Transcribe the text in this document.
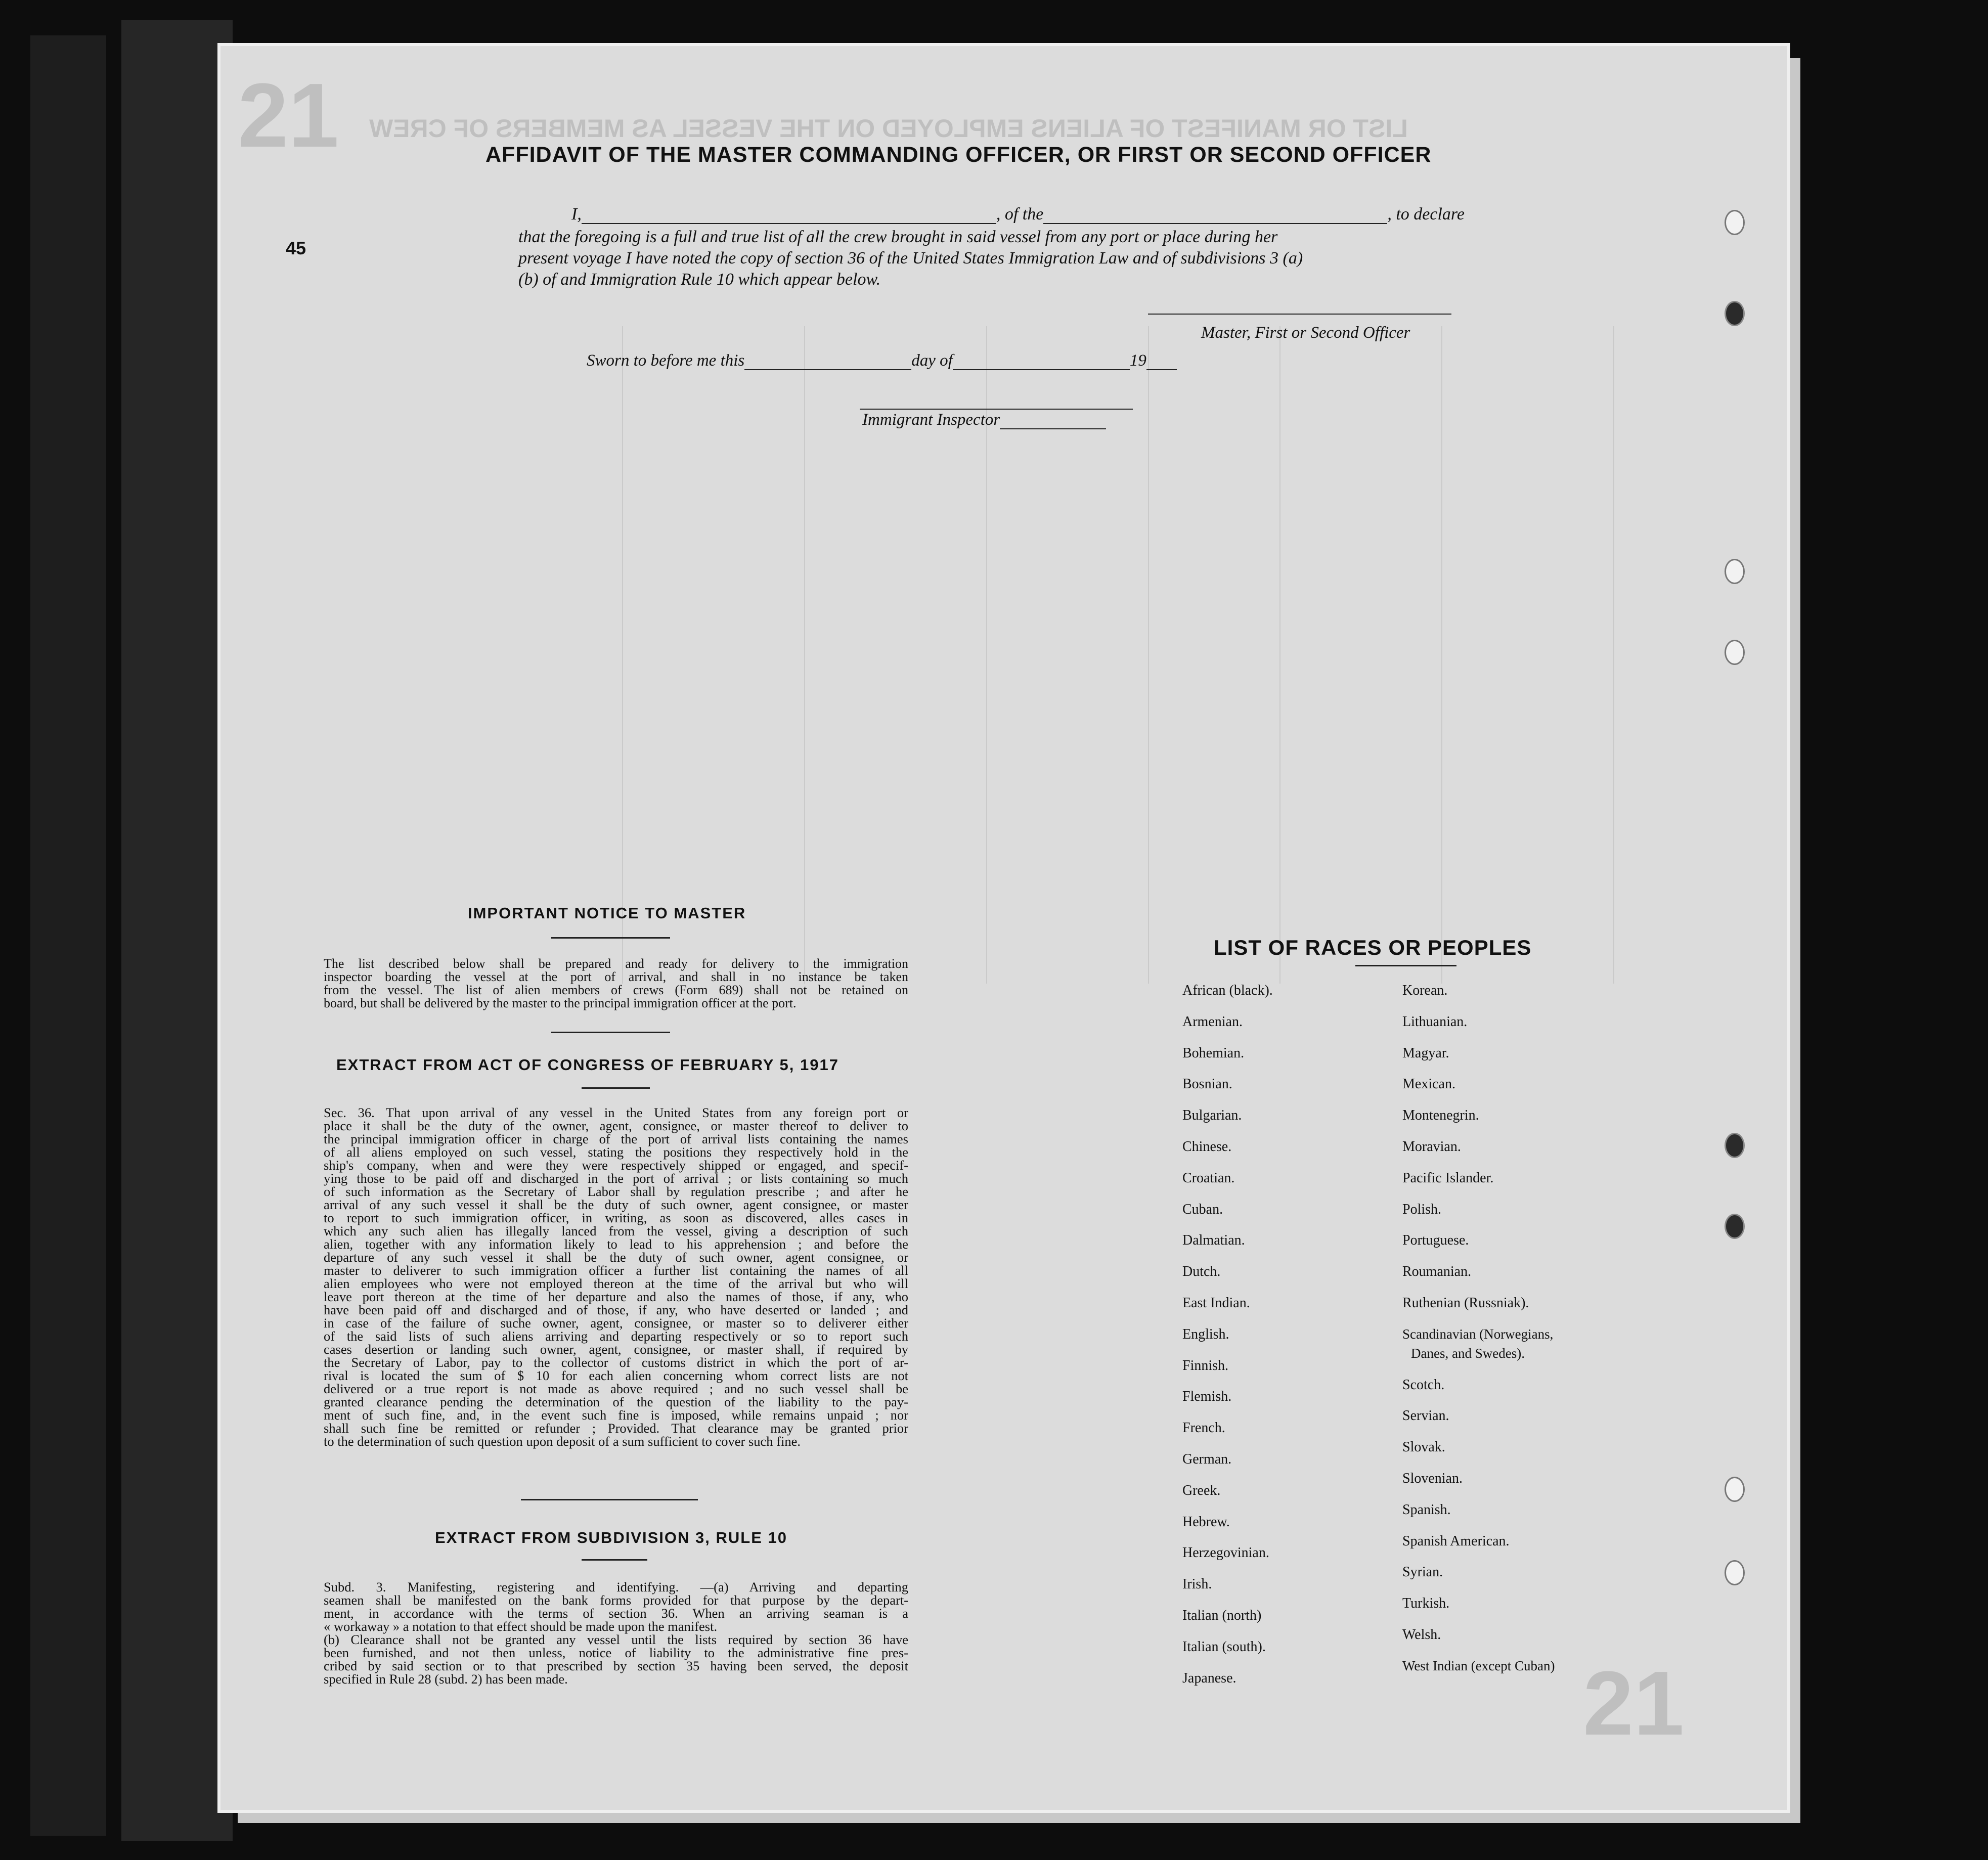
21
21
LIST OR MANIFEST OF ALIENS EMPLOYED ON THE VESSEL AS MEMBERS OF CREW
45
AFFIDAVIT OF THE MASTER COMMANDING OFFICER, OR FIRST OR SECOND OFFICER
I,	, of the	, to declare
that the foregoing is a full and true list of all the crew brought in said vessel from any port or place during her
present voyage I have noted the copy of section 36 of the United States Immigration Law and of subdivisions 3 (a)
(b) of and Immigration Rule 10 which appear below.
Master, First or Second Officer
Sworn to before me this	day of	19
Immigrant Inspector
IMPORTANT NOTICE TO MASTER
The list described below shall be prepared and ready for delivery to the immigration
inspector boarding the vessel at the port of arrival, and shall in no instance be taken
from the vessel. The list of alien members of crews (Form 689) shall not be retained on
board, but shall be delivered by the master to the principal immigration officer at the port.
EXTRACT FROM ACT OF CONGRESS OF FEBRUARY 5, 1917
Sec. 36. That upon arrival of any vessel in the United States from any foreign port or
place it shall be the duty of the owner, agent, consignee, or master thereof to deliver to
the principal immigration officer in charge of the port of arrival lists containing the names
of all aliens employed on such vessel, stating the positions they respectively hold in the
ship's company, when and were they were respectively shipped or engaged, and specif-
ying those to be paid off and discharged in the port of arrival ; or lists containing so much
of such information as the Secretary of Labor shall by regulation prescribe ; and after he
arrival of any such vessel it shall be the duty of such owner, agent consignee, or master
to report to such immigration officer, in writing, as soon as discovered, alles cases in
which any such alien has illegally lanced from the vessel, giving a description of such
alien, together with any information likely to lead to his apprehension ; and before the
departure of any such vessel it shall be the duty of such owner, agent consignee, or
master to deliverer to such immigration officer a further list containing the names of all
alien employees who were not employed thereon at the time of the arrival but who will
leave port thereon at the time of her departure and also the names of those, if any, who
have been paid off and discharged and of those, if any, who have deserted or landed ; and
in case of the failure of suche owner, agent, consignee, or master so to deliverer either
of the said lists of such aliens arriving and departing respectively or so to report such
cases desertion or landing such owner, agent, consignee, or master shall, if required by
the Secretary of Labor, pay to the collector of customs district in which the port of ar-
rival is located the sum of $ 10 for each alien concerning whom correct lists are not
delivered or a true report is not made as above required ; and no such vessel shall be
granted clearance pending the determination of the question of the liability to the pay-
ment of such fine, and, in the event such fine is imposed, while remains unpaid ; nor
shall such fine be remitted or refunder ; Provided. That clearance may be granted prior
to the determination of such question upon deposit of a sum sufficient to cover such fine.
EXTRACT FROM SUBDIVISION 3, RULE 10
Subd. 3. Manifesting, registering and identifying. —(a) Arriving and departing
seamen shall be manifested on the bank forms provided for that purpose by the depart-
ment, in accordance with the terms of section 36. When an arriving seaman is a
« workaway » a notation to that effect should be made upon the manifest.
(b) Clearance shall not be granted any vessel until the lists required by section 36 have
been furnished, and not then unless, notice of liability to the administrative fine pres-
cribed by said section or to that prescribed by section 35 having been served, the deposit
specified in Rule 28 (subd. 2) has been made.
LIST OF RACES OR PEOPLES
African (black).
Armenian.
Bohemian.
Bosnian.
Bulgarian.
Chinese.
Croatian.
Cuban.
Dalmatian.
Dutch.
East Indian.
English.
Finnish.
Flemish.
French.
German.
Greek.
Hebrew.
Herzegovinian.
Irish.
Italian (north)
Italian (south).
Japanese.
Korean.
Lithuanian.
Magyar.
Mexican.
Montenegrin.
Moravian.
Pacific Islander.
Polish.
Portuguese.
Roumanian.
Ruthenian (Russniak).
Scandinavian (Norwegians,
Danes, and Swedes).
Scotch.
Servian.
Slovak.
Slovenian.
Spanish.
Spanish American.
Syrian.
Turkish.
Welsh.
West Indian (except Cuban)
